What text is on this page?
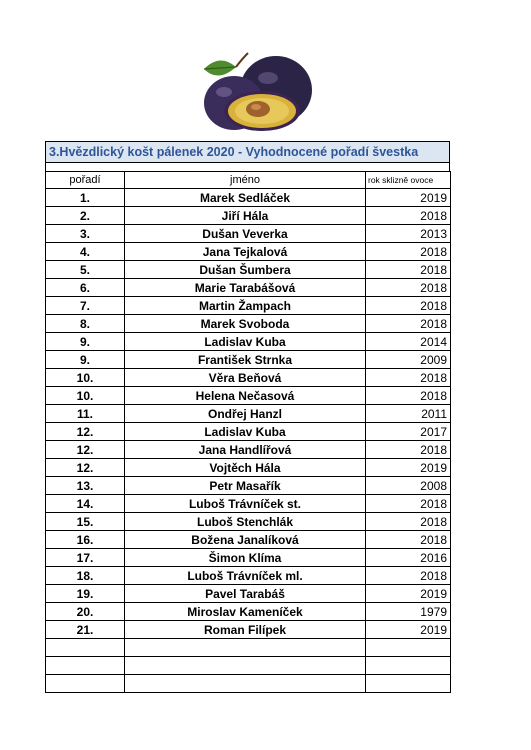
3.Hvězdlický košt pálenek 2020 - Vyhodnocené pořadí švestka
pořadí	jméno	rok sklizně ovoce
1.	Marek Sedláček	2019
2.	Jiří Hála	2018
3.	Dušan Veverka	2013
4.	Jana Tejkalová	2018
5.	Dušan Šumbera	2018
6.	Marie Tarabášová	2018
7.	Martin Žampach	2018
8.	Marek Svoboda	2018
9.	Ladislav Kuba	2014
9.	František Strnka	2009
10.	Věra Beňová	2018
10.	Helena Nečasová	2018
11.	Ondřej Hanzl	2011
12.	Ladislav Kuba	2017
12.	Jana Handlířová	2018
12.	Vojtěch Hála	2019
13.	Petr Masařík	2008
14.	Luboš Trávníček st.	2018
15.	Luboš Stenchlák	2018
16.	Božena Janalíková	2018
17.	Šimon Klíma	2016
18.	Luboš Trávníček ml.	2018
19.	Pavel Tarabáš	2019
20.	Miroslav Kameníček	1979
21.	Roman Filípek	2019
